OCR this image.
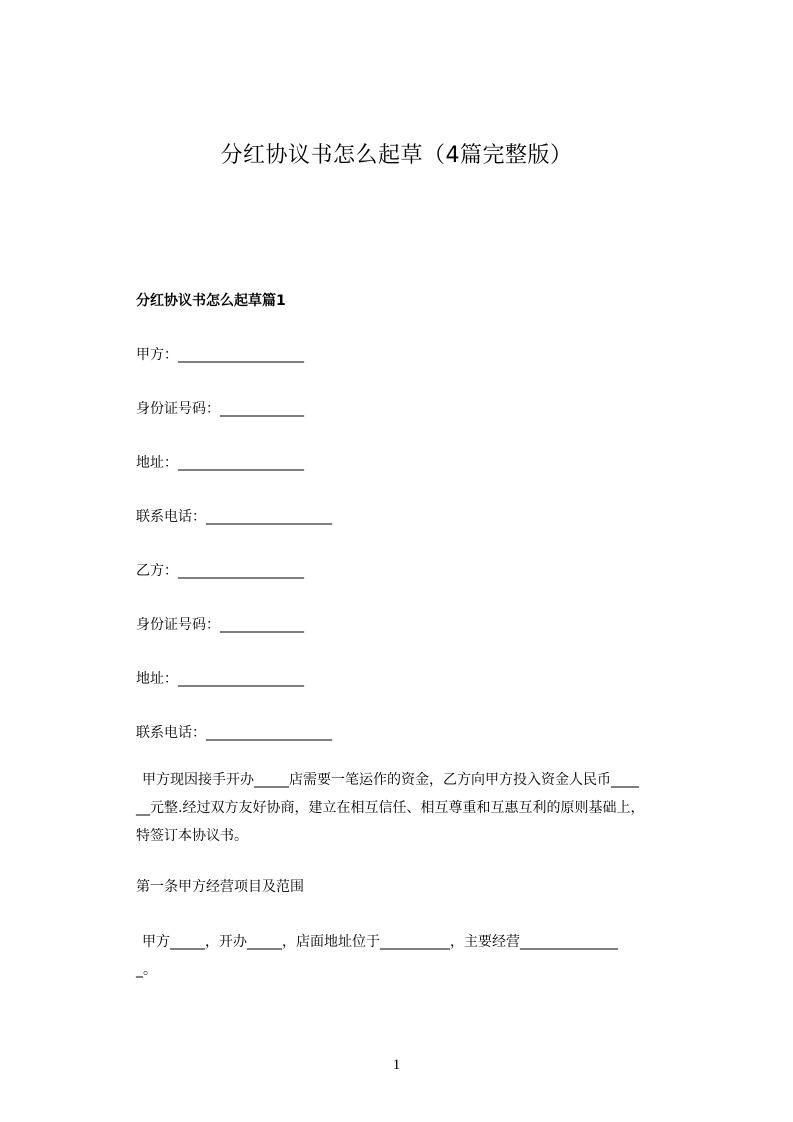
分红协议书怎么起草（4篇完整版）
分红协议书怎么起草篇1
甲方：__________________
身份证号码：____________
地址：__________________
联系电话：__________________
乙方：__________________
身份证号码：____________
地址：__________________
联系电话：__________________

甲方现因接手开办_____店需要一笔运作的资金，乙方向甲方投入资金人民币____

__元整.经过双方友好协商，建立在相互信任、相互尊重和互惠互利的原则基础上，

特签订本协议书。

第一条甲方经营项目及范围

甲方_____，开办_____，店面地址位于__________，主要经营______________

_。

1
